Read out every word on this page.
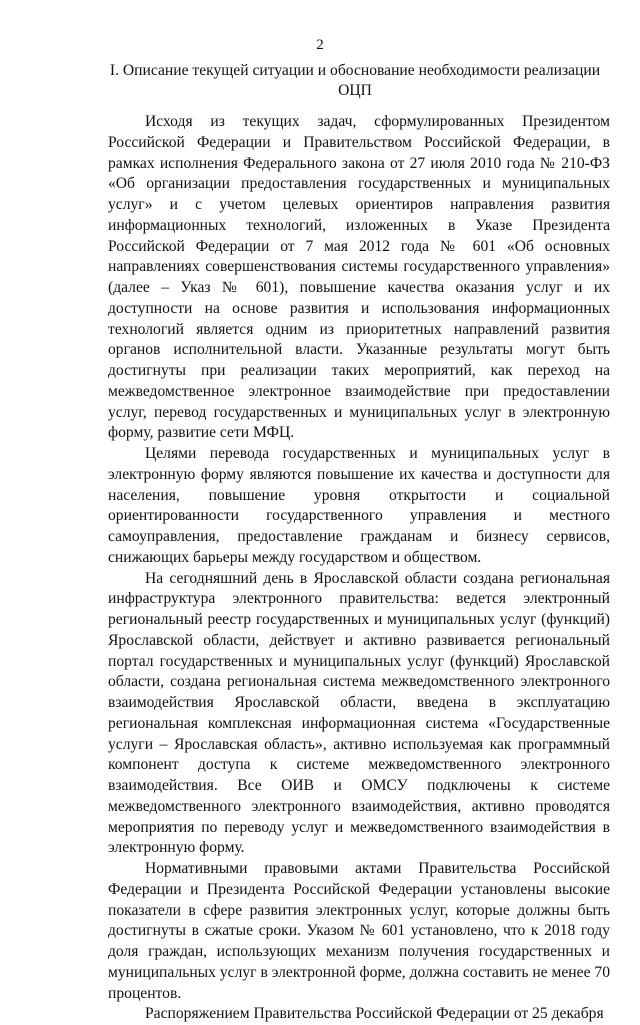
2
I. Описание текущей ситуации и обоснование необходимости реализации
ОЦП

Исходя из текущих задач, сформулированных Президентом Российской Федерации и Правительством Российской Федерации, в рамках исполнения Федерального закона от 27 июля 2010 года № 210-ФЗ «Об организации предоставления государственных и муниципальных услуг» и с учетом целевых ориентиров направления развития информационных технологий, изложенных в Указе Президента Российской Федерации от 7 мая 2012 года № 601 «Об основных направлениях совершенствования системы государственного управления» (далее – Указ № 601), повышение качества оказания услуг и их доступности на основе развития и использования информационных технологий является одним из приоритетных направлений развития органов исполнительной власти. Указанные результаты могут быть достигнуты при реализации таких мероприятий, как переход на межведомственное электронное взаимодействие при предоставлении услуг, перевод государственных и муниципальных услуг в электронную форму, развитие сети МФЦ.

Целями перевода государственных и муниципальных услуг в электронную форму являются повышение их качества и доступности для населения, повышение уровня открытости и социальной ориентированности государственного управления и местного самоуправления, предоставление гражданам и бизнесу сервисов, снижающих барьеры между государством и обществом.

На сегодняшний день в Ярославской области создана региональная инфраструктура электронного правительства: ведется электронный региональный реестр государственных и муниципальных услуг (функций) Ярославской области, действует и активно развивается региональный портал государственных и муниципальных услуг (функций) Ярославской области, создана региональная система межведомственного электронного взаимодействия Ярославской области, введена в эксплуатацию региональная комплексная информационная система «Государственные услуги – Ярославская область», активно используемая как программный компонент доступа к системе межведомственного электронного взаимодействия. Все ОИВ и ОМСУ подключены к системе межведомственного электронного взаимодействия, активно проводятся мероприятия по переводу услуг и межведомственного взаимодействия в электронную форму.

Нормативными правовыми актами Правительства Российской Федерации и Президента Российской Федерации установлены высокие показатели в сфере развития электронных услуг, которые должны быть достигнуты в сжатые сроки. Указом № 601 установлено, что к 2018 году доля граждан, использующих механизм получения государственных и муниципальных услуг в электронной форме, должна составить не менее 70 процентов.

Распоряжением Правительства Российской Федерации от 25 декабря
